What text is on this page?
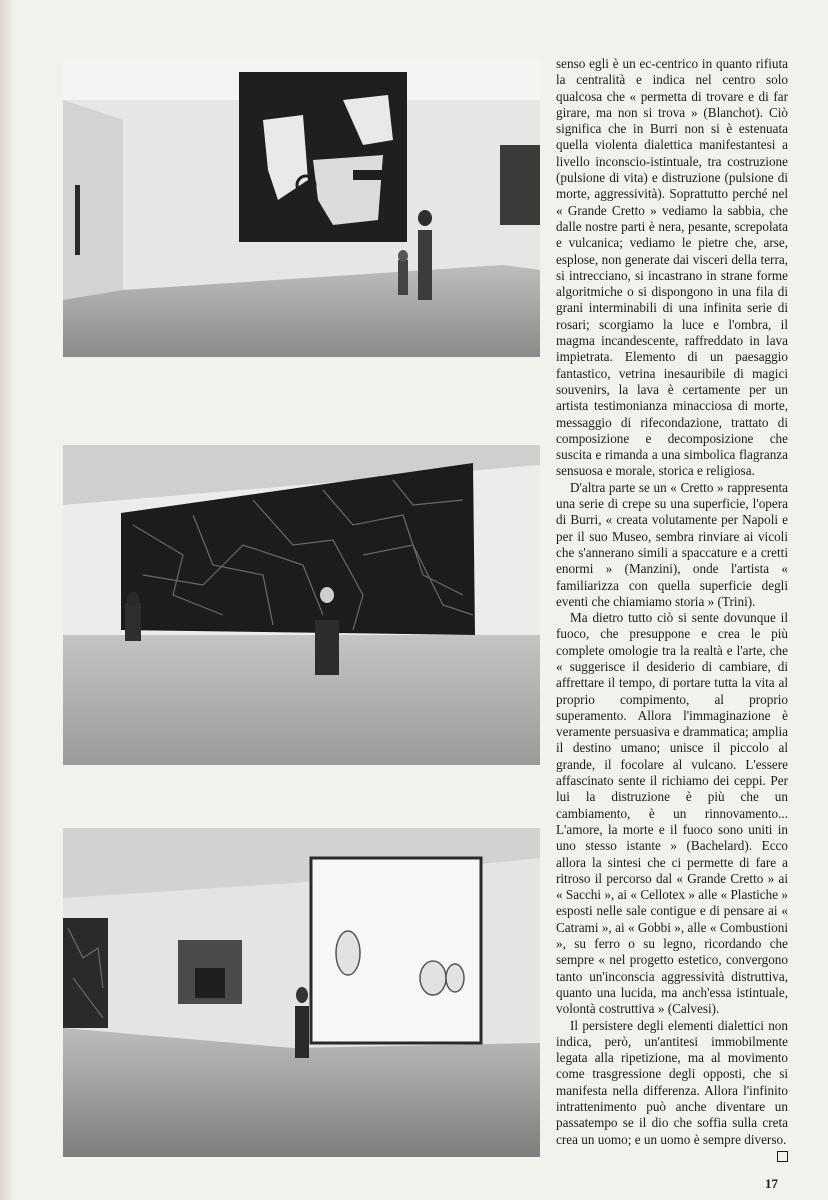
senso egli è un ec-centrico in quanto rifiuta la centralità e indica nel centro solo qualcosa che « permetta di trovare e di far girare, ma non si trova » (Blanchot). Ciò significa che in Burri non si è estenuata quella violenta dialettica manifestantesi a livello inconscio-istintuale, tra costruzione (pulsione di vita) e distruzione (pulsione di morte, aggressività). Soprattutto perché nel « Grande Cretto » vediamo la sabbia, che dalle nostre parti è nera, pesante, screpolata e vulcanica; vediamo le pietre che, arse, esplose, non generate dai visceri della terra, si intrecciano, si incastrano in strane forme algoritmiche o si dispongono in una fila di grani interminabili di una infinita serie di rosari; scorgiamo la luce e l'ombra, il magma incandescente, raffreddato in lava impietrata. Elemento di un paesaggio fantastico, vetrina inesauribile di magici souvenirs, la lava è certamente per un artista testimonianza minacciosa di morte, messaggio di rifecondazione, trattato di composizione e decomposizione che suscita e rimanda a una simbolica flagranza sensuosa e morale, storica e religiosa.

D'altra parte se un « Cretto » rappresenta una serie di crepe su una superficie, l'opera di Burri, « creata volutamente per Napoli e per il suo Museo, sembra rinviare ai vicoli che s'annerano simili a spaccature e a cretti enormi » (Manzini), onde l'artista « familiarizza con quella superficie degli eventi che chiamiamo storia » (Trini).

Ma dietro tutto ciò si sente dovunque il fuoco, che presuppone e crea le più complete omologie tra la realtà e l'arte, che « suggerisce il desiderio di cambiare, di affrettare il tempo, di portare tutta la vita al proprio compimento, al proprio superamento. Allora l'immaginazione è veramente persuasiva e drammatica; amplia il destino umano; unisce il piccolo al grande, il focolare al vulcano. L'essere affascinato sente il richiamo dei ceppi. Per lui la distruzione è più che un cambiamento, è un rinnovamento... L'amore, la morte e il fuoco sono uniti in uno stesso istante » (Bachelard). Ecco allora la sintesi che ci permette di fare a ritroso il percorso dal « Grande Cretto » ai « Sacchi », ai « Cellotex » alle « Plastiche » esposti nelle sale contigue e di pensare ai « Catrami », ai « Gobbi », alle « Combustioni », su ferro o su legno, ricordando che sempre « nel progetto estetico, convergono tanto un'inconscia aggressività distruttiva, quanto una lucida, ma anch'essa istintuale, volontà costruttiva » (Calvesi).

Il persistere degli elementi dialettici non indica, però, un'antitesi immobilmente legata alla ripetizione, ma al movimento come trasgressione degli opposti, che si manifesta nella differenza. Allora l'infinito intrattenimento può anche diventare un passatempo se il dio che soffia sulla creta crea un uomo; e un uomo è sempre diverso.

17
